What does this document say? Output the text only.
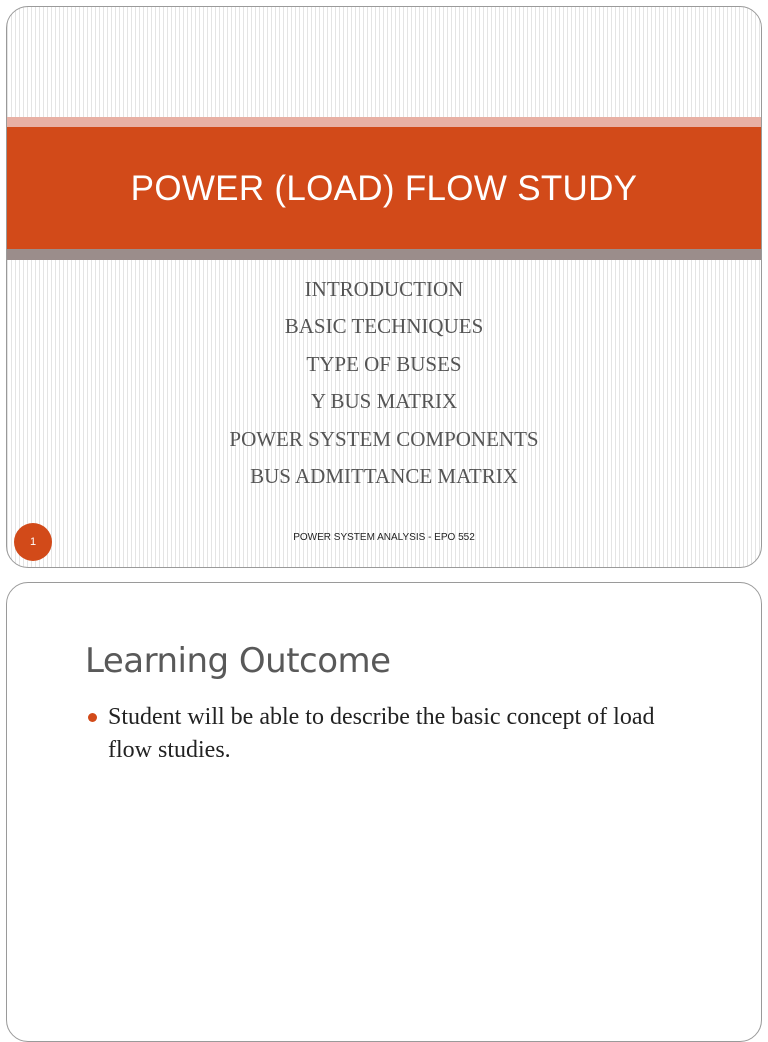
POWER (LOAD) FLOW STUDY
INTRODUCTION
BASIC TECHNIQUES
TYPE OF BUSES
Y BUS MATRIX
POWER SYSTEM COMPONENTS
BUS ADMITTANCE MATRIX
POWER SYSTEM ANALYSIS - EPO 552
1
Learning Outcome
Student will be able to describe the basic concept of load flow studies.
